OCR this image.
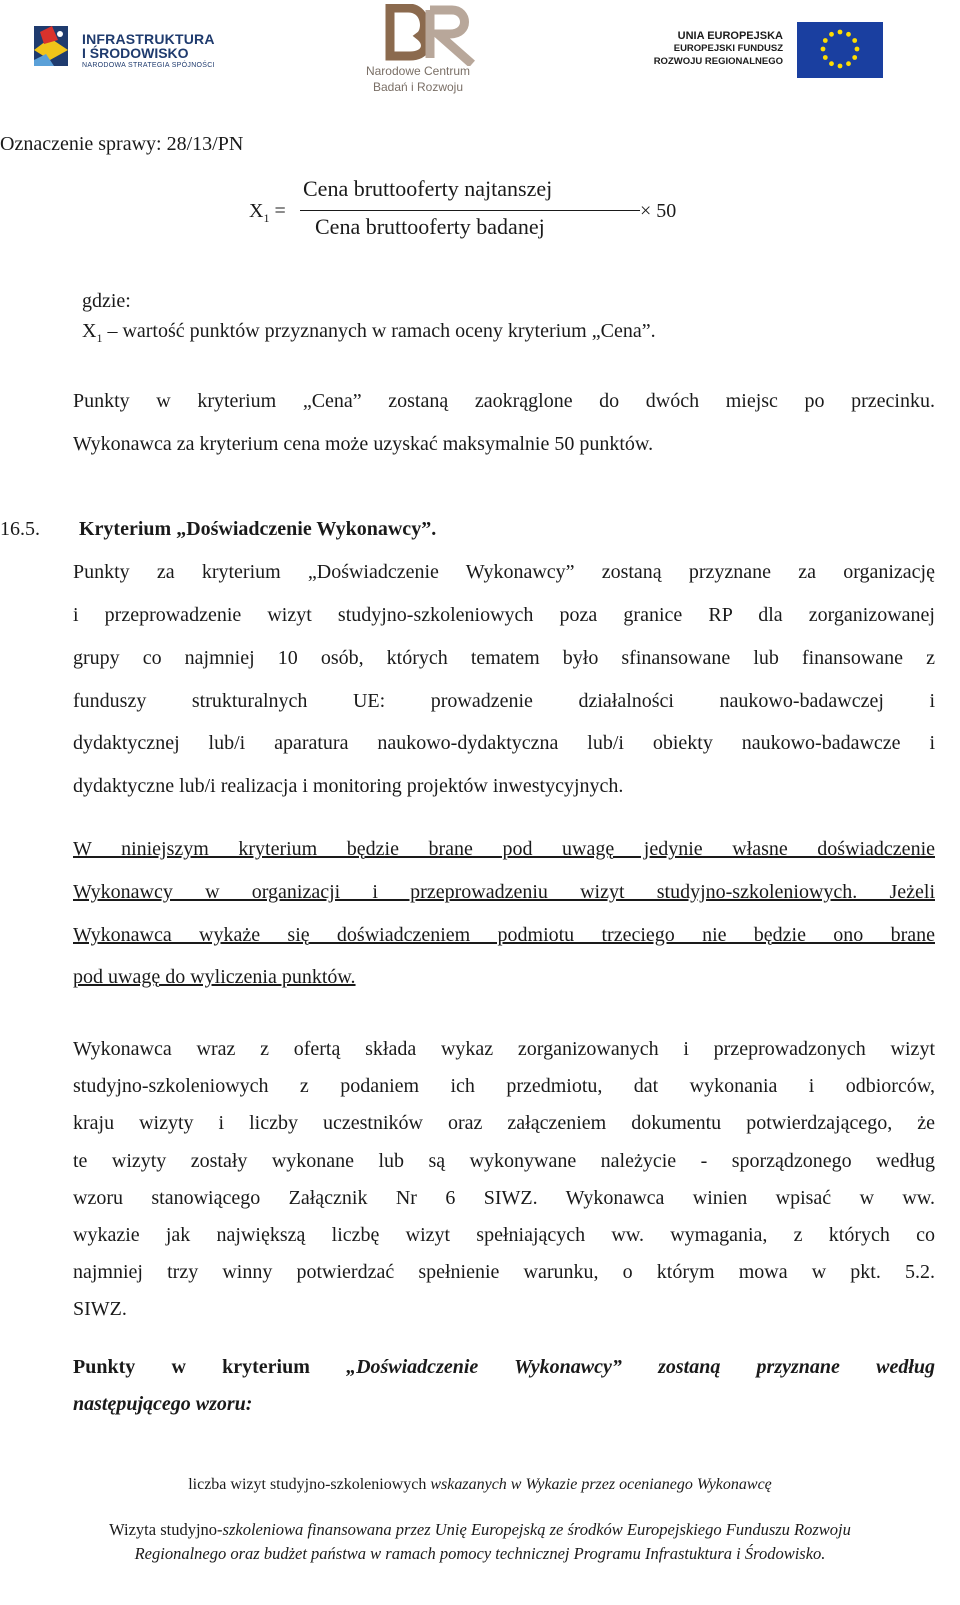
INFRASTRUKTURA
I ŚRODOWISKO
NARODOWA STRATEGIA SPÓJNOŚCI	Narodowe Centrum
Badań i Rozwoju
UNIA EUROPEJSKA
EUROPEJSKI FUNDUSZ
ROZWOJU REGIONALNEGO
Oznaczenie sprawy: 28/13/PN
$X_1$ =
Cena bruttooferty najtanszej
Cena bruttooferty badanej
× 50
gdzie:
$X_1$ – wartość punktów przyznanych w ramach oceny kryterium „Cena”.
Punkty w kryterium „Cena” zostaną zaokrąglone do dwóch miejsc po przecinku.
Wykonawca za kryterium cena może uzyskać maksymalnie 50 punktów.
16.5. Kryterium „Doświadczenie Wykonawcy”.
Punkty za kryterium „Doświadczenie Wykonawcy” zostaną przyznane za organizację
i przeprowadzenie wizyt studyjno-szkoleniowych poza granice RP dla zorganizowanej
grupy co najmniej 10 osób, których tematem było sfinansowane lub finansowane z
funduszy strukturalnych UE: prowadzenie działalności naukowo-badawczej i
dydaktycznej lub/i aparatura naukowo-dydaktyczna lub/i obiekty naukowo-badawcze i
dydaktyczne lub/i realizacja i monitoring projektów inwestycyjnych.
W niniejszym kryterium będzie brane pod uwagę jedynie własne doświadczenie
Wykonawcy w organizacji i przeprowadzeniu wizyt studyjno-szkoleniowych. Jeżeli
Wykonawca wykaże się doświadczeniem podmiotu trzeciego nie będzie ono brane
pod uwagę do wyliczenia punktów.
Wykonawca wraz z ofertą składa wykaz zorganizowanych i przeprowadzonych wizyt
studyjno-szkoleniowych z podaniem ich przedmiotu, dat wykonania i odbiorców,
kraju wizyty i liczby uczestników oraz załączeniem dokumentu potwierdzającego, że
te wizyty zostały wykonane lub są wykonywane należycie - sporządzonego według
wzoru stanowiącego Załącznik Nr 6 SIWZ. Wykonawca winien wpisać w ww.
wykazie jak największą liczbę wizyt spełniających ww. wymagania, z których co
najmniej trzy winny potwierdzać spełnienie warunku, o którym mowa w pkt. 5.2.
SIWZ.
Punkty w kryterium „Doświadczenie Wykonawcy” zostaną przyznane według
następującego wzoru:
liczba wizyt studyjno-szkoleniowych wskazanych w Wykazie przez ocenianego Wykonawcę
Wizyta studyjno-szkoleniowa finansowana przez Unię Europejską ze środków Europejskiego Funduszu Rozwoju
Regionalnego oraz budżet państwa w ramach pomocy technicznej Programu Infrastuktura i Środowisko.
